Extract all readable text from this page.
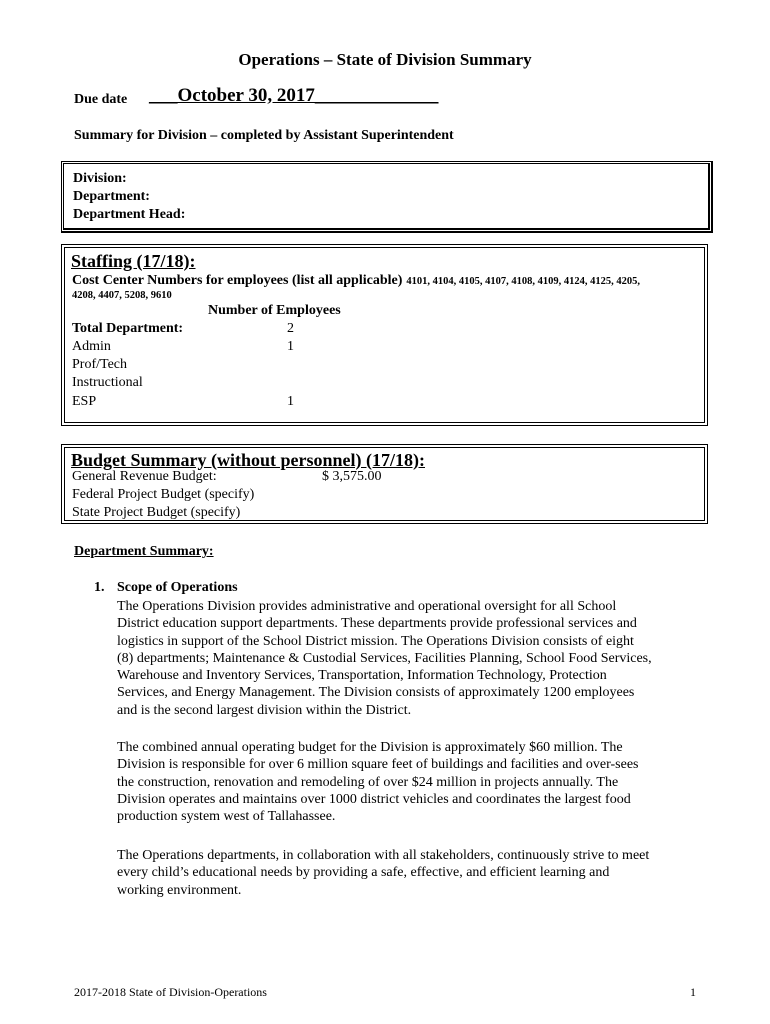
Operations – State of Division Summary
Due date ___October 30, 2017_____________
Summary for Division – completed by Assistant Superintendent
Division:
Department:
Department Head:
Staffing (17/18):
Cost Center Numbers for employees (list all applicable) 4101, 4104, 4105, 4107, 4108, 4109, 4124, 4125, 4205,
4208, 4407, 5208, 9610
Number of Employees
Total Department:	2
Admin	1
Prof/Tech
Instructional
ESP	1
Budget Summary (without personnel) (17/18):
General Revenue Budget:	$ 3,575.00
Federal Project Budget (specify)
State Project Budget (specify)
Department Summary:
1. Scope of Operations
The Operations Division provides administrative and operational oversight for all School
District education support departments. These departments provide professional services and
logistics in support of the School District mission. The Operations Division consists of eight
(8) departments; Maintenance & Custodial Services, Facilities Planning, School Food Services,
Warehouse and Inventory Services, Transportation, Information Technology, Protection
Services, and Energy Management. The Division consists of approximately 1200 employees
and is the second largest division within the District.
The combined annual operating budget for the Division is approximately $60 million. The
Division is responsible for over 6 million square feet of buildings and facilities and over-sees
the construction, renovation and remodeling of over $24 million in projects annually. The
Division operates and maintains over 1000 district vehicles and coordinates the largest food
production system west of Tallahassee.
The Operations departments, in collaboration with all stakeholders, continuously strive to meet
every child’s educational needs by providing a safe, effective, and efficient learning and
working environment.
2017-2018 State of Division-Operations	1
